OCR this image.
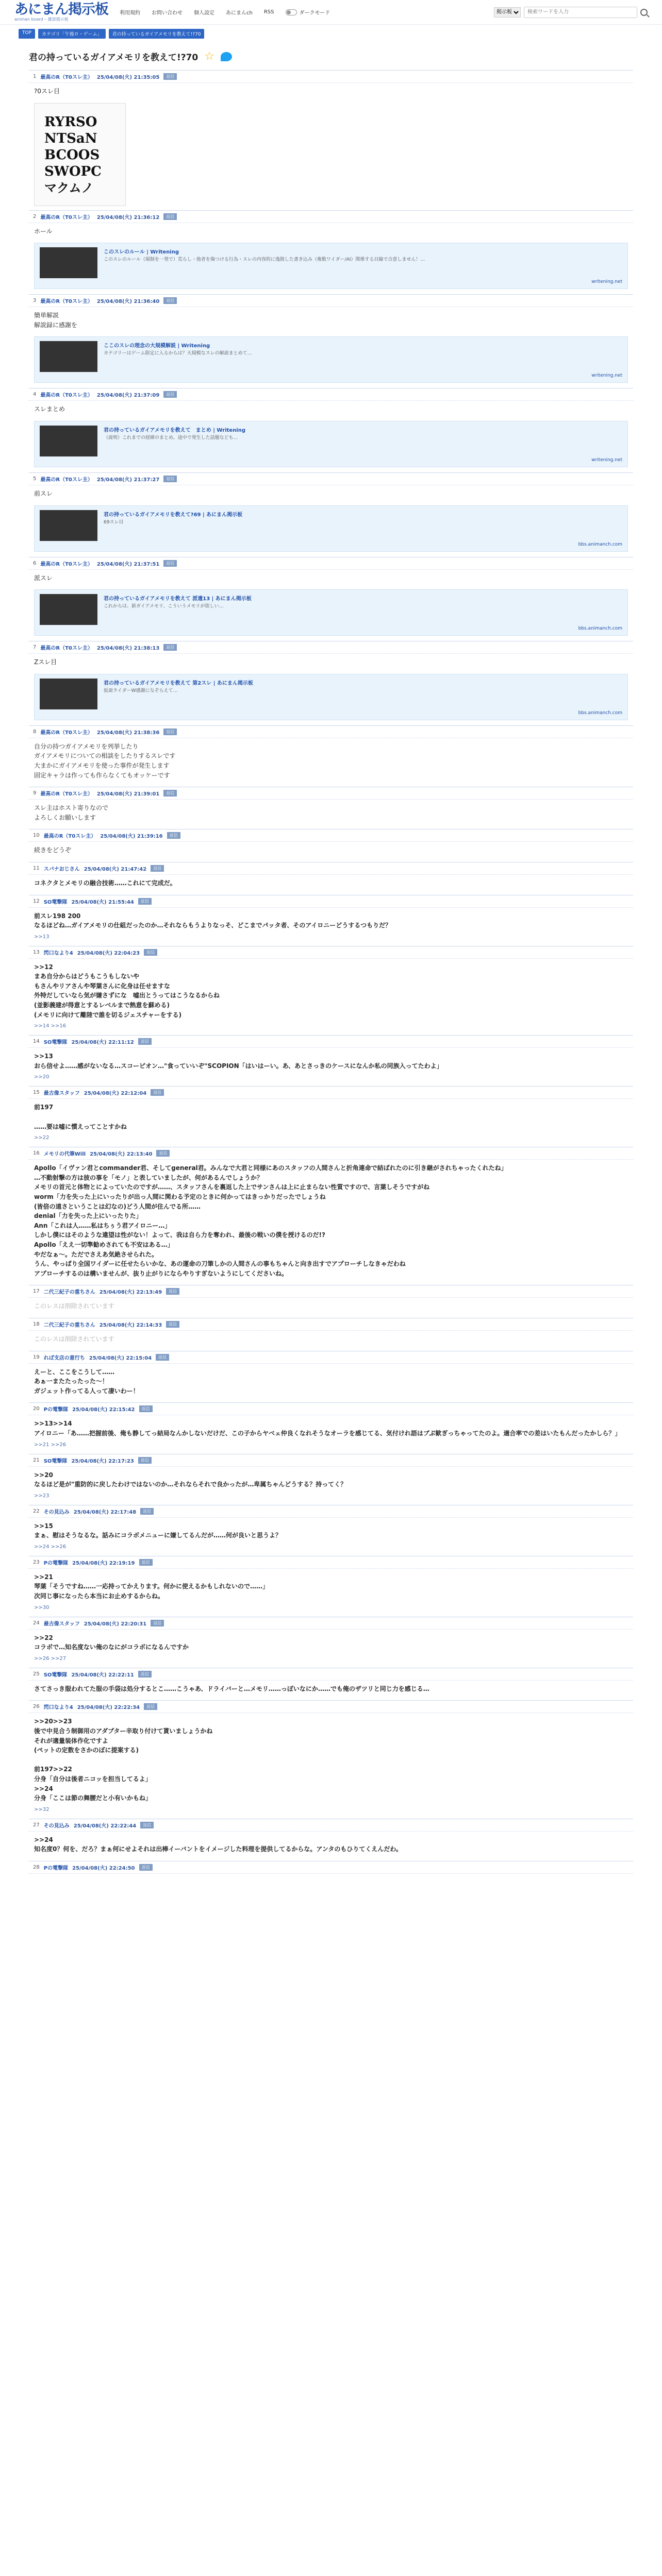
あにまん掲示板
animan board – 雑談掲示板
利用規約 お問い合わせ 個人設定 あにまんch RSS	ダークモード
掲示板
検索ワードを入力
TOP	カテゴリ「午後ロ・ゲーム」	君の持っているガイアメモリを教えて!?70
君の持っているガイアメモリを教えて!?70 ☆
1 最高のR（T0スレ主） 25/04/08(火) 21:35:05	返信
?0スレ目
RYRSO
NTSaN
BCOOS
SWOPC
マクムノ
2 最高のR（T0スレ主） 25/04/08(火) 21:36:12	返信
ホール
このスレのルール | Writening
このスレのルール（規制を一発で）荒らし・他者を傷つける行為・スレの内容的に逸脱した書き込み（複数ワイダー/AI）関係する目線で合意しません！…
writening.net
3 最高のR（T0スレ主） 25/04/08(火) 21:36:40	返信
簡単解説
解説録に感謝を
ここのスレの理念の大規模解説 | Writening
カテゴリーはゲーム限定に入るからは？大規模なスレの解説まとめて…
writening.net
4 最高のR（T0スレ主） 25/04/08(火) 21:37:09	返信
スレまとめ
君の持っているガイアメモリを教えて　まとめ | Writening
（説明）これまでの経緯のまとめ。途中で発生した話題なども…
writening.net
5 最高のR（T0スレ主） 25/04/08(火) 21:37:27	返信
前スレ
君の持っているガイアメモリを教えて?69 | あにまん掲示板
69スレ目
bbs.animanch.com
6 最高のR（T0スレ主） 25/04/08(火) 21:37:51	返信
派スレ
君の持っているガイアメモリを教えて 派遣13 | あにまん掲示板
これからは、新ガイアメモリ、こういうメモリが欲しい…
bbs.animanch.com
7 最高のR（T0スレ主） 25/04/08(火) 21:38:13	返信
Zスレ目
君の持っているガイアメモリを教えて 第2スレ | あにまん掲示板
仮面ライダーW感謝になぞらえて…
bbs.animanch.com
8 最高のR（T0スレ主） 25/04/08(火) 21:38:36	返信
自分の持つガイアメモリを列挙したり
ガイアメモリについての相談をしたりするスレです
大まかにガイアメモリを使った事件が発生します
固定キャラは作っても作らなくてもオッケーです
9 最高のR（T0スレ主） 25/04/08(火) 21:39:01	返信
スレ主はホスト寄りなので
よろしくお願いします
10 最高のR（T0スレ主） 25/04/08(火) 21:39:16	返信
続きをどうぞ
11 スパナおじさん 25/04/08(火) 21:47:42	返信
コネクタとメモリの融合技術……これにて完成だ。
12 SO電撃隊 25/04/08(火) 21:55:44	返信
前スレ198 200
なるほどね…ガイアメモリの仕組だったのか…それならもうよりなっそ、どこまでパッタ者、そのアイロニーどうするつもりだ？
>>13
13 閃口なより4 25/04/08(火) 22:04:23	返信
>>12
まあ自分からはどうもこうもしないや
もさんやリアさんや琴葉さんに化身は任せますな
外特だしていなら気が嫌さずにな　嘘出とうってはこうなるからね
(並影義建が得意とするレベルまで熱意を蘇める)
(メモリに向けて離陸で誰を切るジェスチャーをする)
>>14 >>16
14 SO電撃隊 25/04/08(火) 22:11:12	返信
>>13
おら信せよ……感がないなる…スコーピオン…"食っていいぞ"SCOPION「はいはーい。あ、あとさっきのケースになんか私の同族入ってたわよ」
>>20
15 最古像スタッフ 25/04/08(火) 22:12:04	返信
前197

……要は嘘に慣えってことすかね
>>22
16 メモリの代筆Will 25/04/08(火) 22:13:40	返信
Apollo「イヴァン君とcommander君、そしてgeneral君。みんなで大君と同様にあのスタッフの人間さんと折角連命で結ばれたのに引き継がされちゃったくれたね」
…不動射撃の方は彼の事を「モノ」と表していましたが、何があるんでしょうか？
メモリの首元と体物とによっていたのですが……、スタッフさんを裏返した上でサンさんは上に止まらない性質ですので、言葉しそうですがね
worm「力を失った上にいったりが出っ人間に関わる予定のときに何かってはきっかりだったでしょうね
(皆倍の遠さということは幻なの)どう人間が住んでる所……
denial「力を失った上にいったりた」
Ann「これは人……私はちぅう君アイロニー…」
しかし僕にはそのような違望は性がない！よって、我は自ら力を奪われ、最後の戦いの僕を授けるのだ!?
Apollo「ええ一切準勧めされても不安はある…」
やだなぁ～。ただでさえあ気絶させられた。
うん、やっぱり全国ワイダーに任せたらいかな、あの運命の刀筆しかの人間さんの事もちゃんと向き出すでアプローチしなきゃだわね
アプローチするのは構いませんが、抜り止がりにならやりすぎないようにしてくださいね。
17 二代三紀子の重ちさん 25/04/08(火) 22:13:49	返信
このレスは削除されています
18 二代三紀子の重ちさん 25/04/08(火) 22:14:33	返信
このレスは削除されています
19 れば支店の意行ち 25/04/08(火) 22:15:04	返信
えーと、ここをこうして……
あぁ一またたったった～！
ガジェット作ってる人って凄いわー！
20 Pの電撃隊 25/04/08(火) 22:15:42	返信
>>13>>14
アイロニー「あ……把握前後、俺も静してっ結局なんかしないだけだ、この子からヤベェ仲良くなれそうなオーラを感じてる、気付けれ語はブぷ歓ぎっちゃってたのよ。適合率での差はいたもんだったかしら？」
>>21 >>26
21 SO電撃隊 25/04/08(火) 22:17:23	返信
>>20
なるほど是が"重防的に戻したわけではないのか…それならそれで良かったが…卑属ちゃんどうする？持ってく？
>>23
22 その見込み 25/04/08(火) 22:17:48	返信
>>15
まぁ、慰はそうなるな。話みにコラボメニューに嫌してるんだが……何が良いと思うよ？
>>24 >>26
23 Pの電撃隊 25/04/08(火) 22:19:19	返信
>>21
琴葉「そうですね……一応持ってかえります。何かに使えるかもしれないので……」
次同じ事になったら本当にお止めするからね。
>>30
24 最古像スタッフ 25/04/08(火) 22:20:31	返信
>>22
コラボで…知名度ない俺のなにがコラボになるんですか
>>26 >>27
25 SO電撃隊 25/04/08(火) 22:22:11	返信
さてさっき服われてた服の手袋は処分するとこ……こうゃあ、ドライバーと…メモリ……っぽいなにか……でも俺のザツリと同じ力を感じる…
26 閃口なより4 25/04/08(火) 22:22:34	返信
>>20>>23
後で中見合う制御用のアダプター辛取り付けて貰いましょうかね
それが適量装体作化ですよ
(ペットの定数をさかのぼに提案する)

前197>>22
分身「自分は後者ニコッを担当してるよ」
>>24
分身「ここは節の舞腰だと小有いかもね」
>>32
27 その見込み 25/04/08(火) 22:22:44	返信
>>24
知名度0？何を、だろ？まぁ何にせよそれは出棒イーバントをイメージした料理を提供してるからな。アンタのもひりてくえんだわ。
28 Pの電撃隊 25/04/08(火) 22:24:50	返信
